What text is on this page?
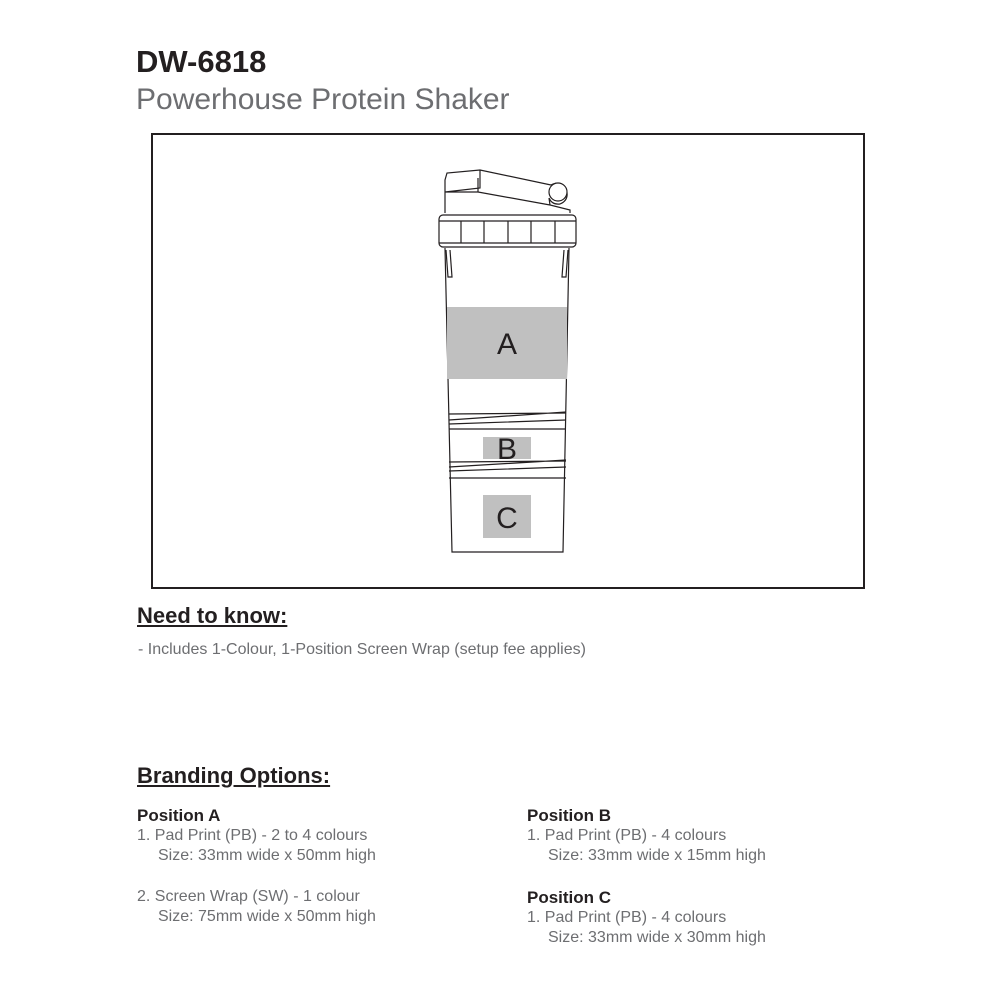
DW-6818
Powerhouse Protein Shaker
A
B
C
Need to know:
- Includes 1-Colour, 1-Position Screen Wrap (setup fee applies)
Branding Options:
Position A
1. Pad Print (PB) - 2 to 4 colours
Size: 33mm wide x 50mm high
2. Screen Wrap (SW) - 1 colour
Size: 75mm wide x 50mm high
Position B
1. Pad Print (PB) - 4 colours
Size: 33mm wide x 15mm high
Position C
1. Pad Print (PB) - 4 colours
Size: 33mm wide x 30mm high
